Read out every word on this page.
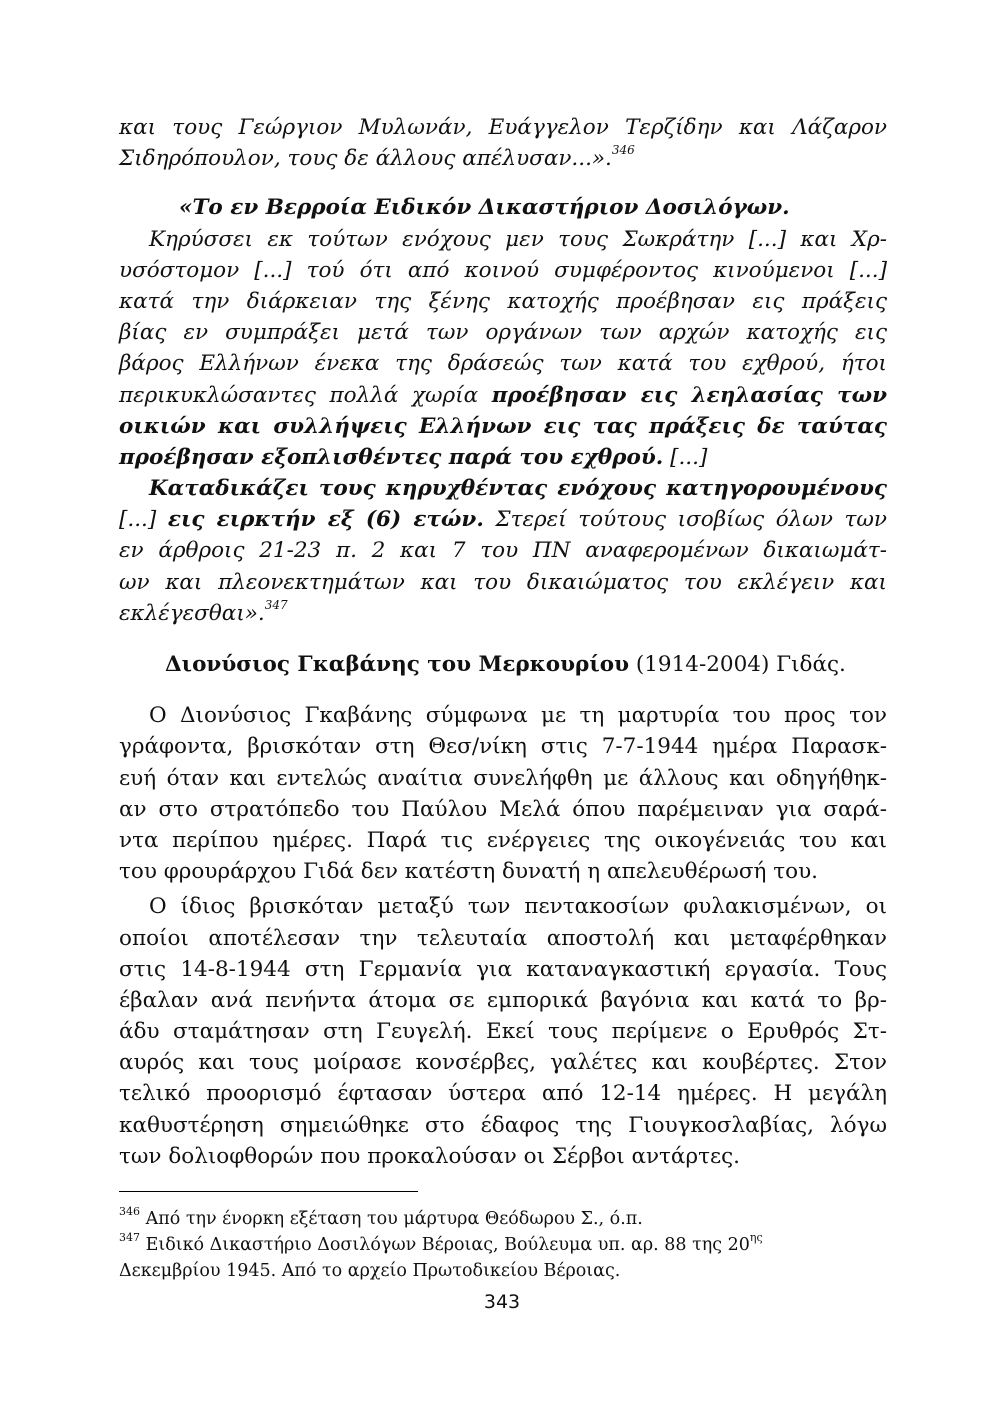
και τους Γεώργιον Μυλωνάν, Ευάγγελον Τερζίδην και Λάζαρον
Σιδηρόπουλον, τους δε άλλους απέλυσαν...».$^{346}$
«Το εν Βερροία Ειδικόν Δικαστήριον Δοσιλόγων.
Κηρύσσει εκ τούτων ενόχους μεν τους Σωκράτην [...] και Χρ-
υσόστομον [...] τού ότι από κοινού συμφέροντος κινούμενοι [...]
κατά την διάρκειαν της ξένης κατοχής προέβησαν εις πράξεις
βίας εν συμπράξει μετά των οργάνων των αρχών κατοχής εις
βάρος Ελλήνων ένεκα της δράσεώς των κατά του εχθρού, ήτοι
περικυκλώσαντες πολλά χωρία προέβησαν εις λεηλασίας των
οικιών και συλλήψεις Ελλήνων εις τας πράξεις δε ταύτας
προέβησαν εξοπλισθέντες παρά του εχθρού. [...]
Καταδικάζει τους κηρυχθέντας ενόχους κατηγορουμένους
[...] εις ειρκτήν εξ (6) ετών. Στερεί τούτους ισοβίως όλων των
εν άρθροις 21-23 π. 2 και 7 του ΠΝ αναφερομένων δικαιωμάτ-
ων και πλεονεκτημάτων και του δικαιώματος του εκλέγειν και
εκλέγεσθαι».$^{347}$
Διονύσιος Γκαβάνης του Μερκουρίου (1914-2004) Γιδάς.
Ο Διονύσιος Γκαβάνης σύμφωνα με τη μαρτυρία του προς τον
γράφοντα, βρισκόταν στη Θεσ/νίκη στις 7-7-1944 ημέρα Παρασκ-
ευή όταν και εντελώς αναίτια συνελήφθη με άλλους και οδηγήθηκ-
αν στο στρατόπεδο του Παύλου Μελά όπου παρέμειναν για σαρά-
ντα περίπου ημέρες. Παρά τις ενέργειες της οικογένειάς του και
του φρουράρχου Γιδά δεν κατέστη δυνατή η απελευθέρωσή του.
Ο ίδιος βρισκόταν μεταξύ των πεντακοσίων φυλακισμένων, οι
οποίοι αποτέλεσαν την τελευταία αποστολή και μεταφέρθηκαν
στις 14-8-1944 στη Γερμανία για καταναγκαστική εργασία. Τους
έβαλαν ανά πενήντα άτομα σε εμπορικά βαγόνια και κατά το βρ-
άδυ σταμάτησαν στη Γευγελή. Εκεί τους περίμενε ο Ερυθρός Στ-
αυρός και τους μοίρασε κονσέρβες, γαλέτες και κουβέρτες. Στον
τελικό προορισμό έφτασαν ύστερα από 12-14 ημέρες. Η μεγάλη
καθυστέρηση σημειώθηκε στο έδαφος της Γιουγκοσλαβίας, λόγω
των δολιοφθορών που προκαλούσαν οι Σέρβοι αντάρτες.
$^{346}$ Από την ένορκη εξέταση του μάρτυρα Θεόδωρου Σ., ό.π.
$^{347}$ Ειδικό Δικαστήριο Δοσιλόγων Βέροιας, Βούλευμα υπ. αρ. 88 της $20^{\eta\varsigma}$
Δεκεμβρίου 1945. Από το αρχείο Πρωτοδικείου Βέροιας.
343
